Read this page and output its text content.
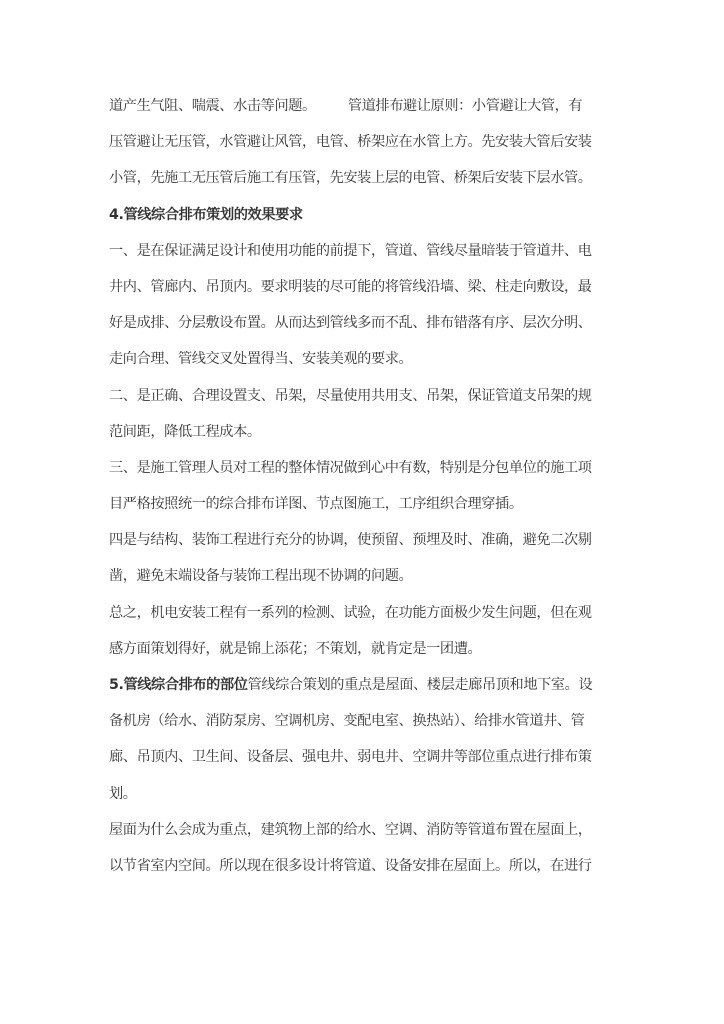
道产生气阻、喘震、水击等问题。 管道排布避让原则：小管避让大管，有

压管避让无压管，水管避让风管，电管、桥架应在水管上方。先安装大管后安装

小管，先施工无压管后施工有压管，先安装上层的电管、桥架后安装下层水管。

4.管线综合排布策划的效果要求

一、是在保证满足设计和使用功能的前提下，管道、管线尽量暗装于管道井、电

井内、管廊内、吊顶内。要求明装的尽可能的将管线沿墙、梁、柱走向敷设，最

好是成排、分层敷设布置。从而达到管线多而不乱、排布错落有序、层次分明、

走向合理、管线交叉处置得当、安装美观的要求。

二、是正确、合理设置支、吊架，尽量使用共用支、吊架，保证管道支吊架的规

范间距，降低工程成本。

三、是施工管理人员对工程的整体情况做到心中有数，特别是分包单位的施工项

目严格按照统一的综合排布详图、节点图施工，工序组织合理穿插。

四是与结构、装饰工程进行充分的协调，使预留、预埋及时、准确，避免二次剔

凿，避免末端设备与装饰工程出现不协调的问题。

总之，机电安装工程有一系列的检测、试验，在功能方面极少发生问题，但在观

感方面策划得好，就是锦上添花；不策划，就肯定是一团遭。

5.管线综合排布的部位管线综合策划的重点是屋面、楼层走廊吊顶和地下室。设

备机房（给水、消防泵房、空调机房、变配电室、换热站）、给排水管道井、管

廊、吊顶内、卫生间、设备层、强电井、弱电井、空调井等部位重点进行排布策

划。

屋面为什么会成为重点，建筑物上部的给水、空调、消防等管道布置在屋面上，

以节省室内空间。所以现在很多设计将管道、设备安排在屋面上。所以，在进行
